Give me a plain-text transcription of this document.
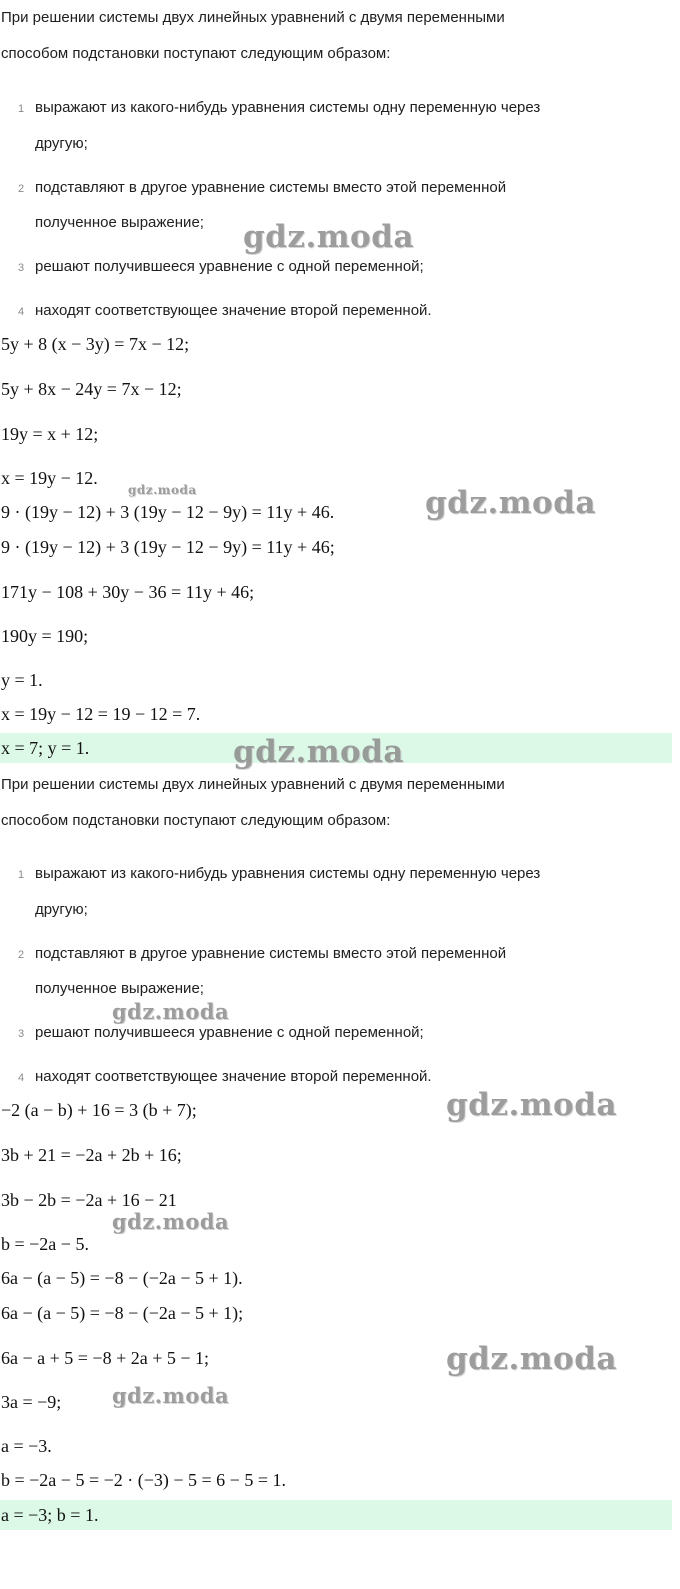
При решении системы двух линейных уравнений с двумя переменными
способом подстановки поступают следующим образом:
1 выражают из какого-нибудь уравнения системы одну переменную через
другую;
2 подставляют в другое уравнение системы вместо этой переменной
полученное выражение;
3 решают получившееся уравнение с одной переменной;
4 находят соответствующее значение второй переменной.
5y + 8 (x − 3y) = 7x − 12;
5y + 8x − 24y = 7x − 12;
19y = x + 12;
x = 19y − 12.
9 · (19y − 12) + 3 (19y − 12 − 9y) = 11y + 46.
9 · (19y − 12) + 3 (19y − 12 − 9y) = 11y + 46;
171y − 108 + 30y − 36 = 11y + 46;
190y = 190;
y = 1.
x = 19y − 12 = 19 − 12 = 7.
x = 7; y = 1.
При решении системы двух линейных уравнений с двумя переменными
способом подстановки поступают следующим образом:
1 выражают из какого-нибудь уравнения системы одну переменную через
другую;
2 подставляют в другое уравнение системы вместо этой переменной
полученное выражение;
3 решают получившееся уравнение с одной переменной;
4 находят соответствующее значение второй переменной.
−2 (a − b) + 16 = 3 (b + 7);
3b + 21 = −2a + 2b + 16;
3b − 2b = −2a + 16 − 21
b = −2a − 5.
6a − (a − 5) = −8 − (−2a − 5 + 1).
6a − (a − 5) = −8 − (−2a − 5 + 1);
6a − a + 5 = −8 + 2a + 5 − 1;
3a = −9;
a = −3.
b = −2a − 5 = −2 · (−3) − 5 = 6 − 5 = 1.
a = −3; b = 1.
gdz.moda
gdz.moda	gdz.moda
gdz.moda
gdz.moda
gdz.moda
gdz.moda
gdz.moda
gdz.moda
